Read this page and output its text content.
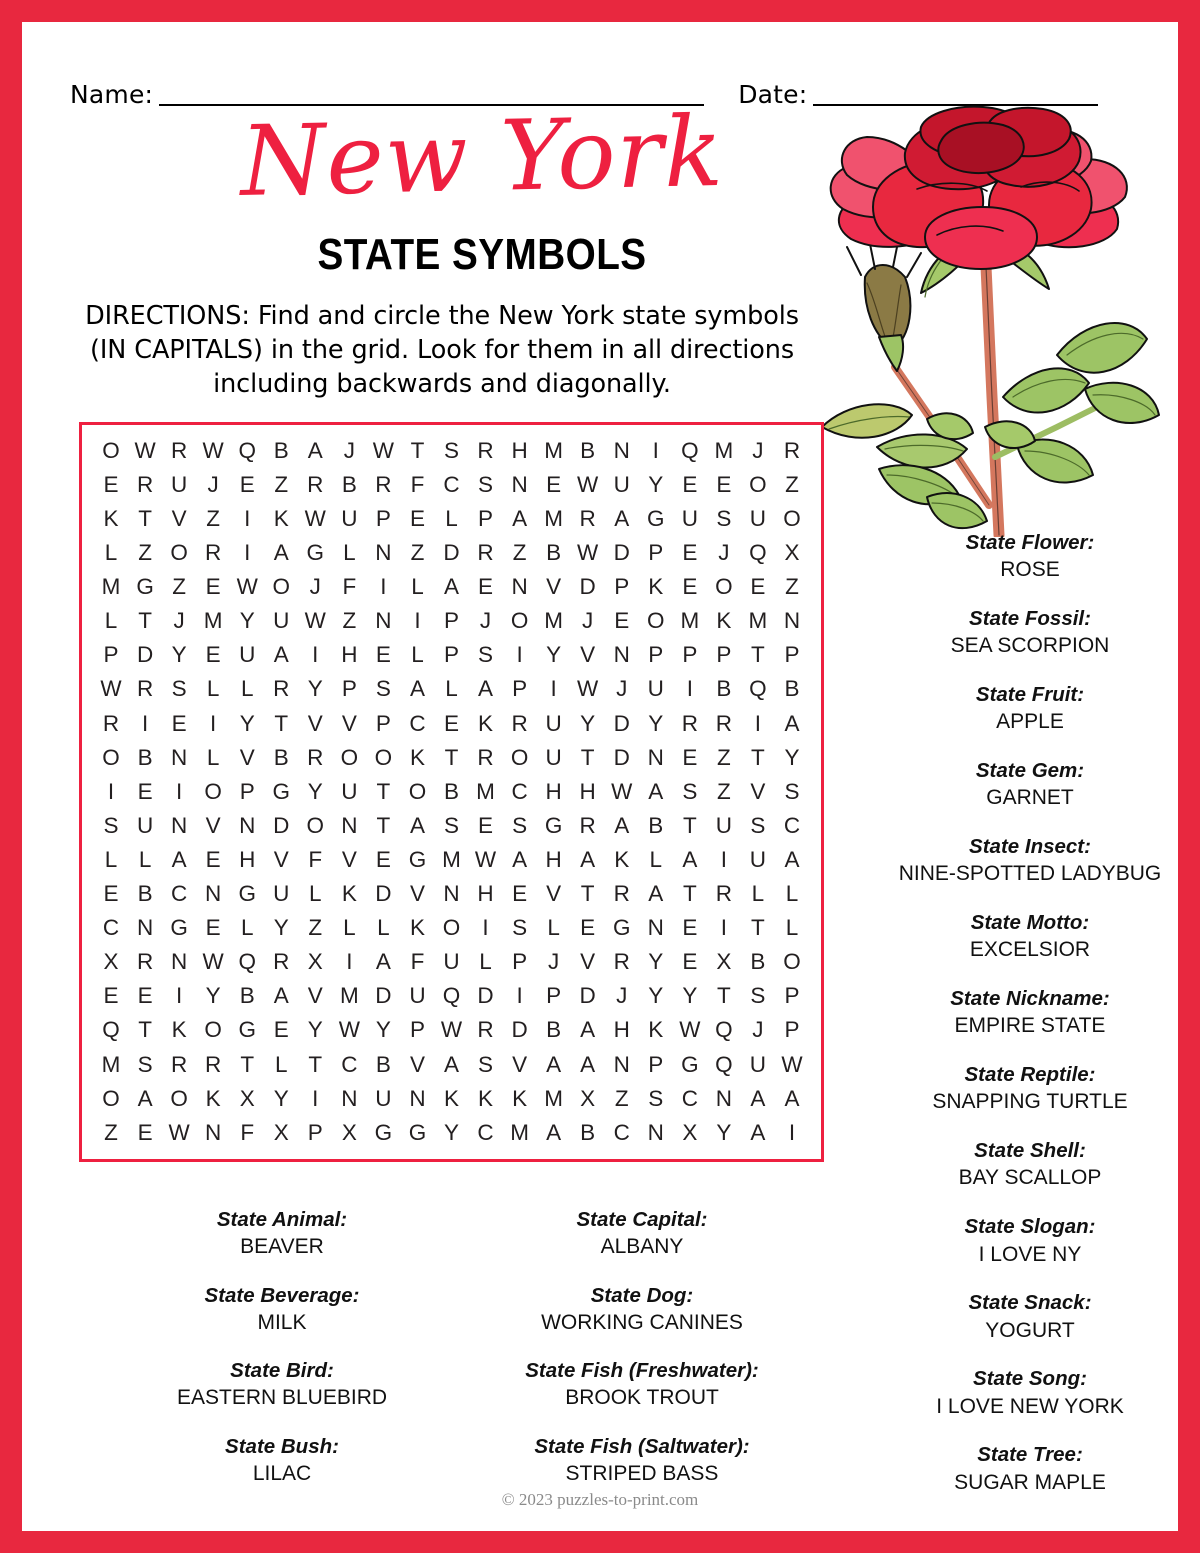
Name:	Date:
New York
STATE SYMBOLS
DIRECTIONS: Find and circle the New York state symbols (IN CAPITALS) in the grid. Look for them in all directions including backwards and diagonally.
O W R W Q B A J W T S R H M B N	I Q M J R
E R U J E Z R B R F C S N E W U Y E E O Z
K T V Z	I	K W U P E L P A M R A G U S U O
L Z O R	I	A G L N Z D R Z B W D P E J Q X
M G Z E W O J F	I	L A E N V D P K E O E Z
L T J M Y U W Z N	I	P J O M J E O M K M N
P D Y E U A	I	H E L P S	I	Y V N P P P T P
W R S L L R Y P S A L A P	I W J U	I	B Q B
R	I	E	I	Y T V V P C E K R U Y D Y R R	I	A
O B N L V B R O O K T R O U T D N E Z T Y
I	E	I O P G Y U T O B M C H H W A S Z V S
S U N V N D O N T A S E S G R A B T U S C
L L A E H V F V E G M W A H A K L A	I	U A
E B C N G U L K D V N H E V T R A T R L L
C N G E L Y Z L L K O I	S L E G N E	I	T L
X R N W Q R X	I	A F U L P J V R Y E X B O
E E	I	Y B A V M D U Q D	I	P D J Y Y T S P
Q T K O G E Y W Y P W R D B A H K W Q J P
M S R R T L T C B V A S V A A N P G Q U W
O A O K X Y	I	N U N K K K M X Z S C N A A
Z E W N F X P X G G Y C M A B C N X Y A	I
State Flower:
ROSE
State Fossil:
SEA SCORPION
State Fruit:
APPLE
State Gem:
GARNET
State Insect:
NINE-SPOTTED LADYBUG
State Motto:
EXCELSIOR
State Nickname:
EMPIRE STATE
State Reptile:
SNAPPING TURTLE
State Shell:
BAY SCALLOP
State Slogan:
I LOVE NY
State Snack:
YOGURT
State Song:
I LOVE NEW YORK
State Tree:
SUGAR MAPLE
State Animal:
BEAVER
State Beverage:
MILK
State Bird:
EASTERN BLUEBIRD
State Bush:
LILAC
State Capital:
ALBANY
State Dog:
WORKING CANINES
State Fish (Freshwater):
BROOK TROUT
State Fish (Saltwater):
STRIPED BASS
© 2023 puzzles-to-print.com
